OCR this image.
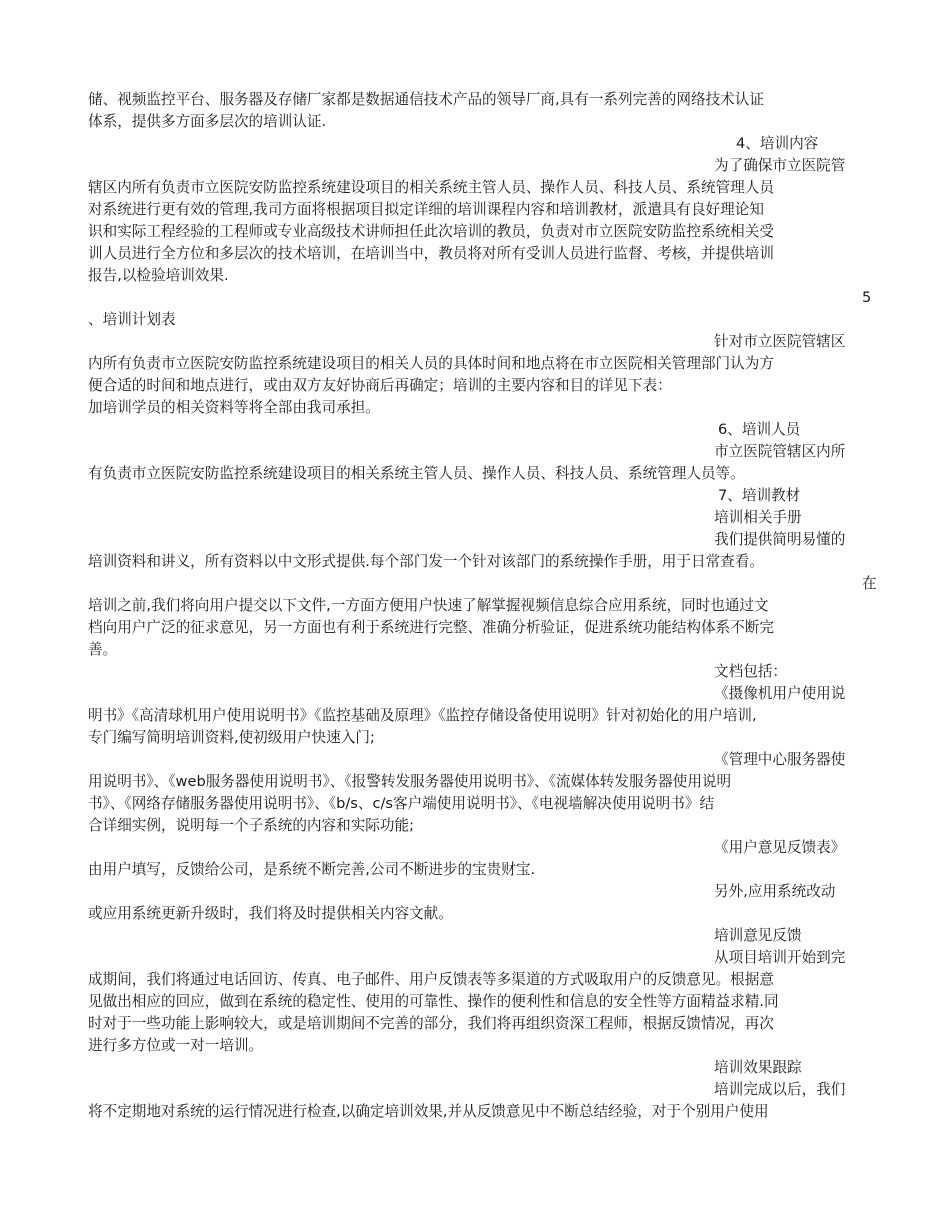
储、视频监控平台、服务器及存储厂家都是数据通信技术产品的领导厂商,具有一系列完善的网络技术认证
体系，提供多方面多层次的培训认证.
4、培训内容
为了确保市立医院管
辖区内所有负责市立医院安防监控系统建设项目的相关系统主管人员、操作人员、科技人员、系统管理人员
对系统进行更有效的管理,我司方面将根据项目拟定详细的培训课程内容和培训教材，派遣具有良好理论知
识和实际工程经验的工程师或专业高级技术讲师担任此次培训的教员，负责对市立医院安防监控系统相关受
训人员进行全方位和多层次的技术培训，在培训当中，教员将对所有受训人员进行监督、考核，并提供培训
报告,以检验培训效果.
5
、培训计划表
针对市立医院管辖区
内所有负责市立医院安防监控系统建设项目的相关人员的具体时间和地点将在市立医院相关管理部门认为方
便合适的时间和地点进行，或由双方友好协商后再确定；培训的主要内容和目的详见下表：
加培训学员的相关资料等将全部由我司承担。
6、培训人员
市立医院管辖区内所
有负责市立医院安防监控系统建设项目的相关系统主管人员、操作人员、科技人员、系统管理人员等。
7、培训教材
培训相关手册
我们提供简明易懂的
培训资料和讲义，所有资料以中文形式提供.每个部门发一个针对该部门的系统操作手册，用于日常查看。
在
培训之前,我们将向用户提交以下文件,一方面方便用户快速了解掌握视频信息综合应用系统，同时也通过文
档向用户广泛的征求意见，另一方面也有利于系统进行完整、准确分析验证，促进系统功能结构体系不断完
善。
文档包括：
《摄像机用户使用说
明书》《高清球机用户使用说明书》《监控基础及原理》《监控存储设备使用说明》针对初始化的用户培训,
专门编写简明培训资料,使初级用户快速入门;
《管理中心服务器使
用说明书》、《web服务器使用说明书》、《报警转发服务器使用说明书》、《流媒体转发服务器使用说明
书》、《网络存储服务器使用说明书》、《b/s、c/s客户端使用说明书》、《电视墙解决使用说明书》结
合详细实例，说明每一个子系统的内容和实际功能;
《用户意见反馈表》
由用户填写，反馈给公司，是系统不断完善,公司不断进步的宝贵财宝.
另外,应用系统改动
或应用系统更新升级时，我们将及时提供相关内容文献。
培训意见反馈
从项目培训开始到完
成期间，我们将通过电话回访、传真、电子邮件、用户反馈表等多渠道的方式吸取用户的反馈意见。根据意
见做出相应的回应，做到在系统的稳定性、使用的可靠性、操作的便利性和信息的安全性等方面精益求精.同
时对于一些功能上影响较大，或是培训期间不完善的部分，我们将再组织资深工程师，根据反馈情况，再次
进行多方位或一对一培训。
培训效果跟踪
培训完成以后，我们
将不定期地对系统的运行情况进行检查,以确定培训效果,并从反馈意见中不断总结经验，对于个别用户使用
